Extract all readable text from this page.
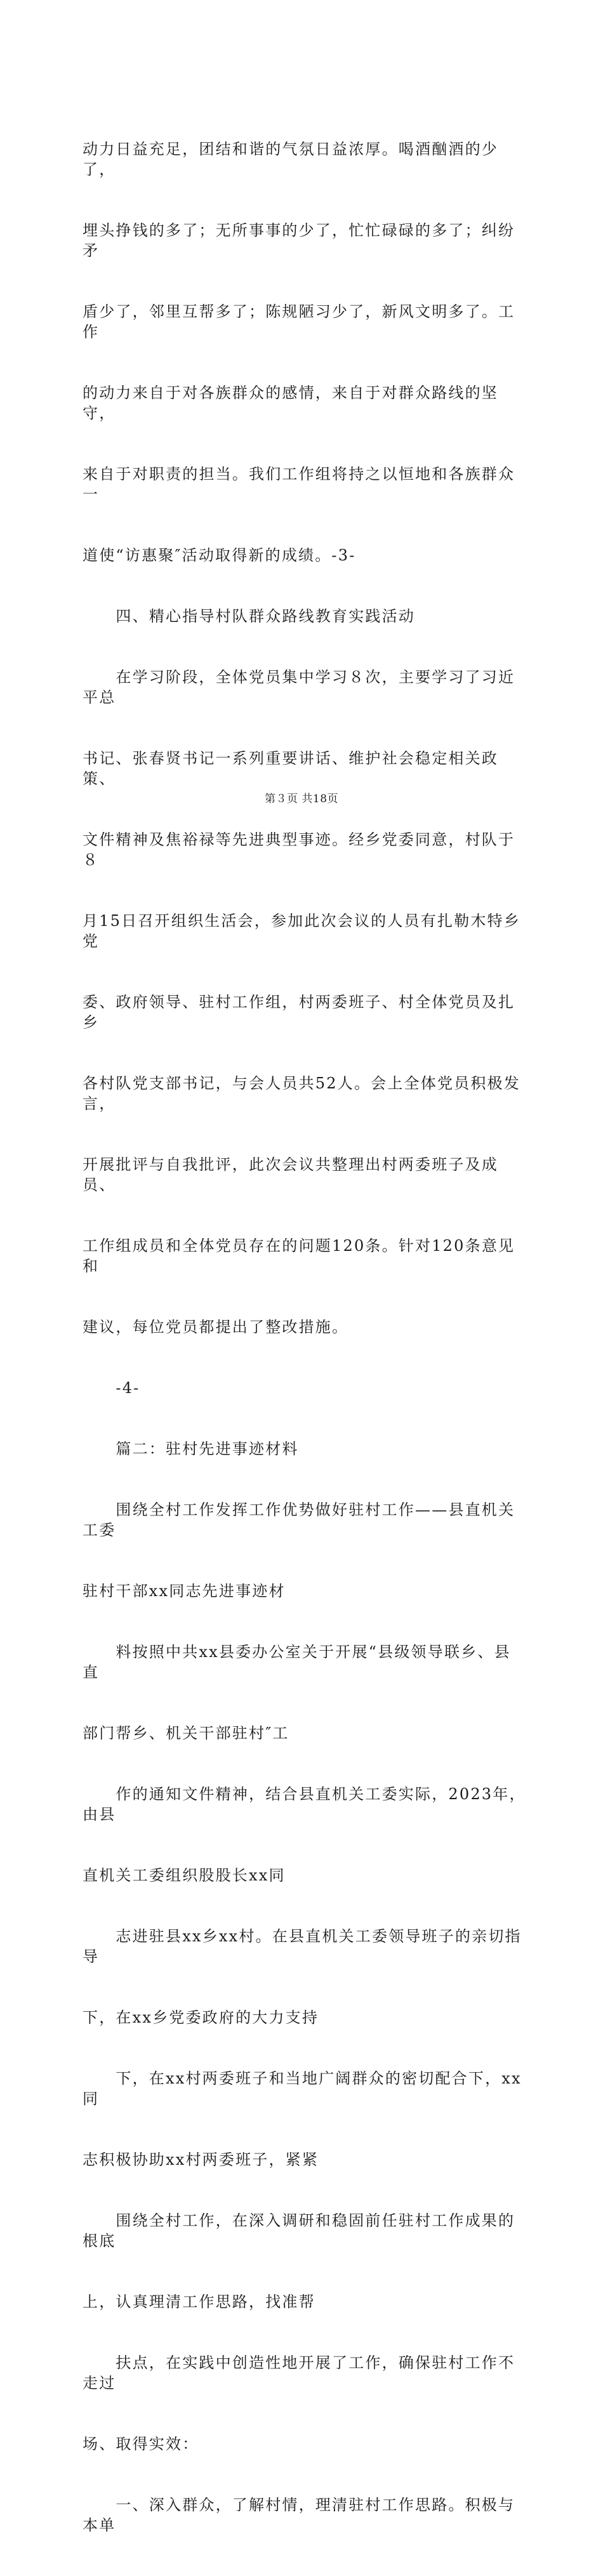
动力日益充足，团结和谐的气氛日益浓厚。喝酒酗酒的少了，

埋头挣钱的多了；无所事事的少了，忙忙碌碌的多了；纠纷矛

盾少了，邻里互帮多了；陈规陋习少了，新风文明多了。工作

的动力来自于对各族群众的感情，来自于对群众路线的坚守，

来自于对职责的担当。我们工作组将持之以恒地和各族群众一

道使“访惠聚″活动取得新的成绩。-3-

　　四、精心指导村队群众路线教育实践活动

　　在学习阶段，全体党员集中学习８次，主要学习了习近平总

书记、张春贤书记一系列重要讲话、维护社会稳定相关政策、

文件精神及焦裕禄等先进典型事迹。经乡党委同意，村队于８

月15日召开组织生活会，参加此次会议的人员有扎勒木特乡党

委、政府领导、驻村工作组，村两委班子、村全体党员及扎乡

各村队党支部书记，与会人员共52人。会上全体党员积极发言，

开展批评与自我批评，此次会议共整理出村两委班子及成员、

工作组成员和全体党员存在的问题120条。针对120条意见和

建议，每位党员都提出了整改措施。

　　-4-

　　篇二：驻村先进事迹材料

　　围绕全村工作发挥工作优势做好驻村工作——县直机关工委

驻村干部xx同志先进事迹材

　　料按照中共xx县委办公室关于开展“县级领导联乡、县直

部门帮乡、机关干部驻村″工

　　作的通知文件精神，结合县直机关工委实际，2023年，由县

直机关工委组织股股长xx同

　　志进驻县xx乡xx村。在县直机关工委领导班子的亲切指导

下，在xx乡党委政府的大力支持

　　下，在xx村两委班子和当地广阔群众的密切配合下，xx同

志积极协助xx村两委班子，紧紧

　　围绕全村工作，在深入调研和稳固前任驻村工作成果的根底

上，认真理清工作思路，找准帮

　　扶点，在实践中创造性地开展了工作，确保驻村工作不走过

场、取得实效：

　　一、深入群众，了解村情，理清驻村工作思路。积极与本单

第３页 共18页
